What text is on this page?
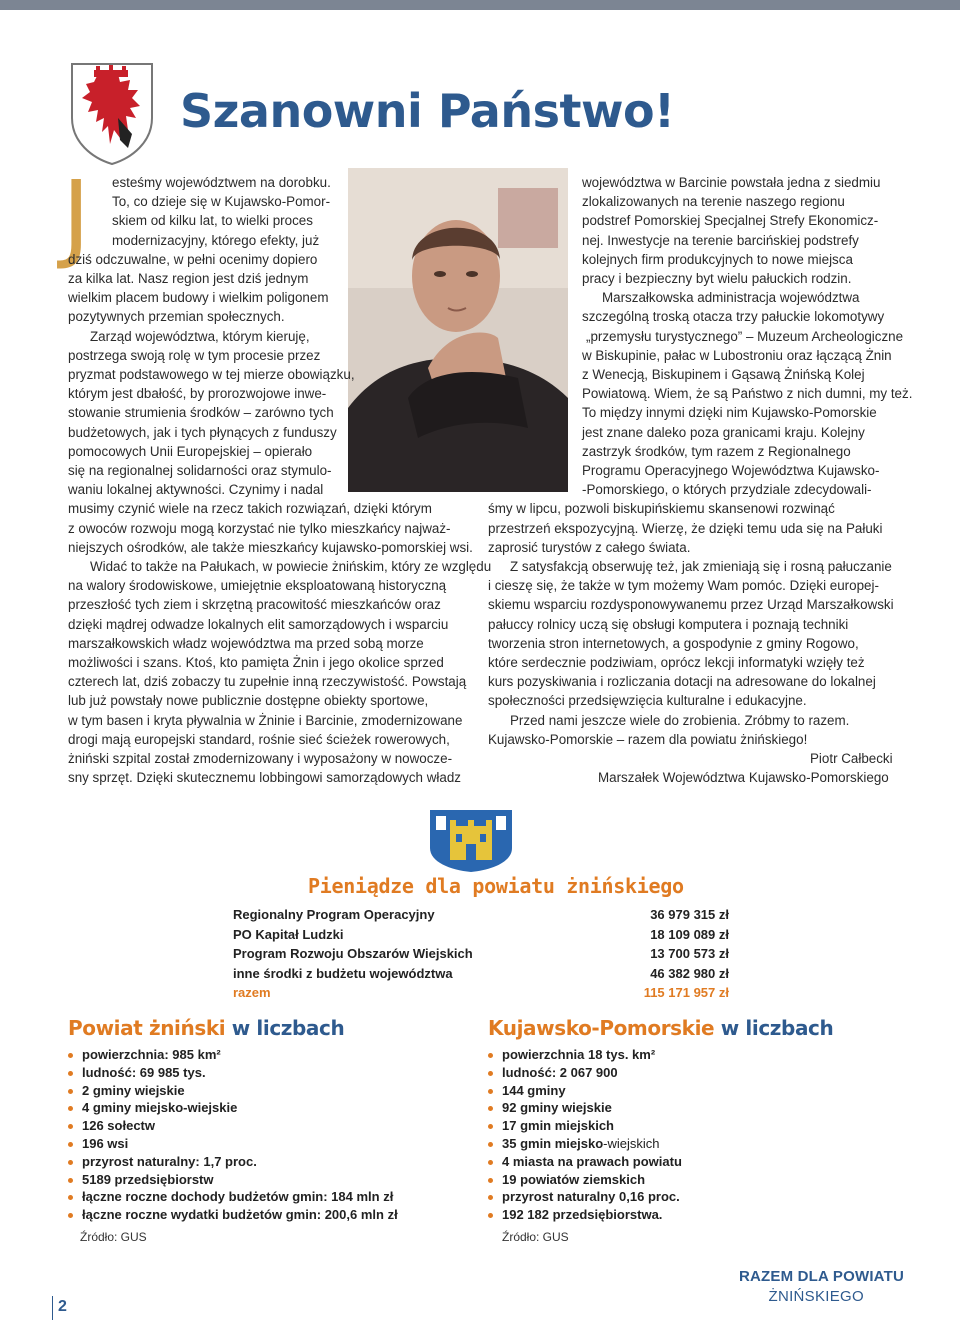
Szanowni Państwo!
J esteśmy województwem na dorobku.
To, co dzieje się w Kujawsko-Pomor-
skiem od kilku lat, to wielki proces
modernizacyjny, którego efekty, już
dziś odczuwalne, w pełni ocenimy dopiero
za kilka lat. Nasz region jest dziś jednym
wielkim placem budowy i wielkim poligonem
pozytywnych przemian społecznych.
Zarząd województwa, którym kieruję,
postrzega swoją rolę w tym procesie przez
pryzmat podstawowego w tej mierze obowiązku,
którym jest dbałość, by prorozwojowe inwe-
stowanie strumienia środków – zarówno tych
budżetowych, jak i tych płynących z funduszy
pomocowych Unii Europejskiej – opierało
się na regionalnej solidarności oraz stymulo-
waniu lokalnej aktywności. Czynimy i nadal
musimy czynić wiele na rzecz takich rozwiązań, dzięki którym
z owoców rozwoju mogą korzystać nie tylko mieszkańcy najważ-
niejszych ośrodków, ale także mieszkańcy kujawsko-pomorskiej wsi.
Widać to także na Pałukach, w powiecie żnińskim, który ze względu
na walory środowiskowe, umiejętnie eksploatowaną historyczną
przeszłość tych ziem i skrzętną pracowitość mieszkańców oraz
dzięki mądrej odwadze lokalnych elit samorządowych i wsparciu
marszałkowskich władz województwa ma przed sobą morze
możliwości i szans. Ktoś, kto pamięta Żnin i jego okolice sprzed
czterech lat, dziś zobaczy tu zupełnie inną rzeczywistość. Powstają
lub już powstały nowe publicznie dostępne obiekty sportowe,
w tym basen i kryta pływalnia w Żninie i Barcinie, zmodernizowane
drogi mają europejski standard, rośnie sieć ścieżek rowerowych,
żniński szpital został zmodernizowany i wyposażony w nowocze-
sny sprzęt. Dzięki skutecznemu lobbingowi samorządowych władz
województwa w Barcinie powstała jedna z siedmiu
zlokalizowanych na terenie naszego regionu
podstref Pomorskiej Specjalnej Strefy Ekonomicz-
nej. Inwestycje na terenie barcińskiej podstrefy
kolejnych firm produkcyjnych to nowe miejsca
pracy i bezpieczny byt wielu pałuckich rodzin.
Marszałkowska administracja województwa
szczególną troską otacza trzy pałuckie lokomotywy
„przemysłu turystycznego” – Muzeum Archeologiczne
w Biskupinie, pałac w Lubostroniu oraz łączącą Żnin
z Wenecją, Biskupinem i Gąsawą Żnińską Kolej
Powiatową. Wiem, że są Państwo z nich dumni, my też.
To między innymi dzięki nim Kujawsko-Pomorskie
jest znane daleko poza granicami kraju. Kolejny
zastrzyk środków, tym razem z Regionalnego
Programu Operacyjnego Województwa Kujawsko-
-Pomorskiego, o których przydziale zdecydowali-
śmy w lipcu, pozwoli biskupińskiemu skansenowi rozwinąć
przestrzeń ekspozycyjną. Wierzę, że dzięki temu uda się na Pałuki
zaprosić turystów z całego świata.
Z satysfakcją obserwuję też, jak zmieniają się i rosną pałuczanie
i cieszę się, że także w tym możemy Wam pomóc. Dzięki europej-
skiemu wsparciu rozdysponowywanemu przez Urząd Marszałkowski
pałuccy rolnicy uczą się obsługi komputera i poznają techniki
tworzenia stron internetowych, a gospodynie z gminy Rogowo,
które serdecznie podziwiam, oprócz lekcji informatyki wzięły też
kurs pozyskiwania i rozliczania dotacji na adresowane do lokalnej
społeczności przedsięwzięcia kulturalne i edukacyjne.
Przed nami jeszcze wiele do zrobienia. Zróbmy to razem.
Kujawsko-Pomorskie – razem dla powiatu żnińskiego!
Piotr Całbecki
Marszałek Województwa Kujawsko-Pomorskiego
Pieniądze dla powiatu żnińskiego
Regionalny Program Operacyjny	36 979 315 zł
PO Kapitał Ludzki	18 109 089 zł
Program Rozwoju Obszarów Wiejskich	13 700 573 zł
inne środki z budżetu województwa	46 382 980 zł
razem	115 171 957 zł
Powiat żniński w liczbach
powierzchnia: 985 km²
ludność: 69 985 tys.
2 gminy wiejskie
4 gminy miejsko-wiejskie
126 sołectw
196 wsi
przyrost naturalny: 1,7 proc.
5189 przedsiębiorstw
łączne roczne dochody budżetów gmin: 184 mln zł
łączne roczne wydatki budżetów gmin: 200,6 mln zł
Źródło: GUS
Kujawsko-Pomorskie w liczbach
powierzchnia 18 tys. km²
ludność: 2 067 900
144 gminy
92 gminy wiejskie
17 gmin miejskich
35 gmin miejsko-wiejskich
4 miasta na prawach powiatu
19 powiatów ziemskich
przyrost naturalny 0,16 proc.
192 182 przedsiębiorstwa.
Źródło: GUS
2
RAZEM DLA POWIATU
ŻNIŃSKIEGO
